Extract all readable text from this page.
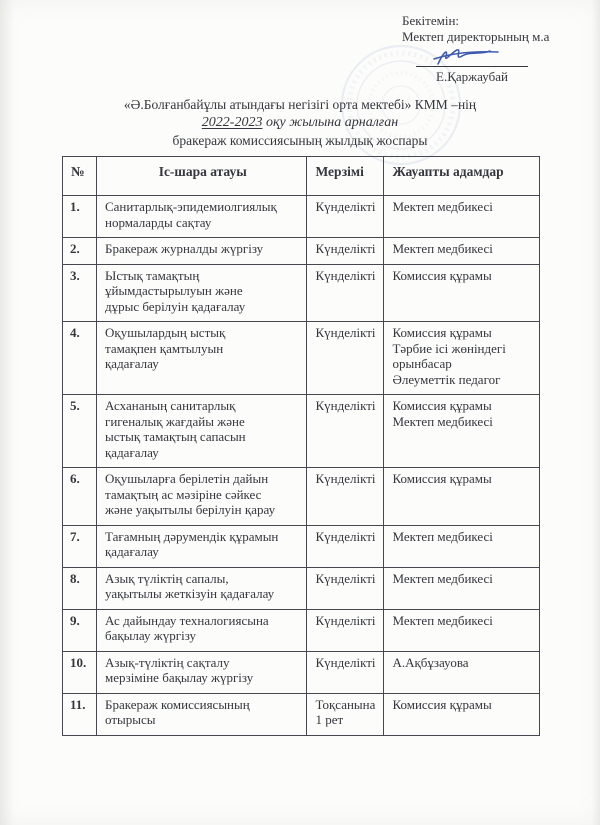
Бекітемін:
Мектеп директорының м.а
Е.Қаржаубай
«Ә.Болғанбайұлы атындағы негізігі орта мектебі» КММ –нің
2022-2023 оқу жылына арналған
бракераж комиссиясының жылдық жоспары
№	Іс-шара атауы	Мерзімі	Жауапты адамдар
1.	Санитарлық-эпидемиолгиялық нормаларды сақтау	Күнделікті	Мектеп медбикесі

2.	Бракераж журналды жүргізу	Күнделікті	Мектеп медбикесі

3.	Ыстық тамақтың ұйымдастырылуын және дұрыс берілуін қадағалау	Күнделікті	Комиссия құрамы

4.	Оқушылардың ыстық тамақпен қамтылуын қадағалау	Күнделікті	Комиссия құрамы
Тәрбие ісі жөніндегі орынбасар
Әлеуметтік педагог

5.	Асхананың санитарлық гигеналық жағдайы және ыстық тамақтың сапасын қадағалау	Күнделікті	Комиссия құрамы
Мектеп медбикесі

6.	Оқушыларға берілетін дайын тамақтың ас мәзіріне сәйкес және уақытылы берілуін қарау	Күнделікті	Комиссия құрамы

7.	Тағамның дәрумендік құрамын қадағалау	Күнделікті	Мектеп медбикесі

8.	Азық түліктің сапалы, уақытылы жеткізуін қадағалау	Күнделікті	Мектеп медбикесі

9.	Ас дайындау техналогиясына бақылау жүргізу	Күнделікті	Мектеп медбикесі

10.	Азық-түліктің сақталу мерзіміне бақылау жүргізу	Күнделікті	А.Ақбұзауова

11.	Бракераж комиссиясының отырысы	Тоқсанына 1 рет	Комиссия құрамы
